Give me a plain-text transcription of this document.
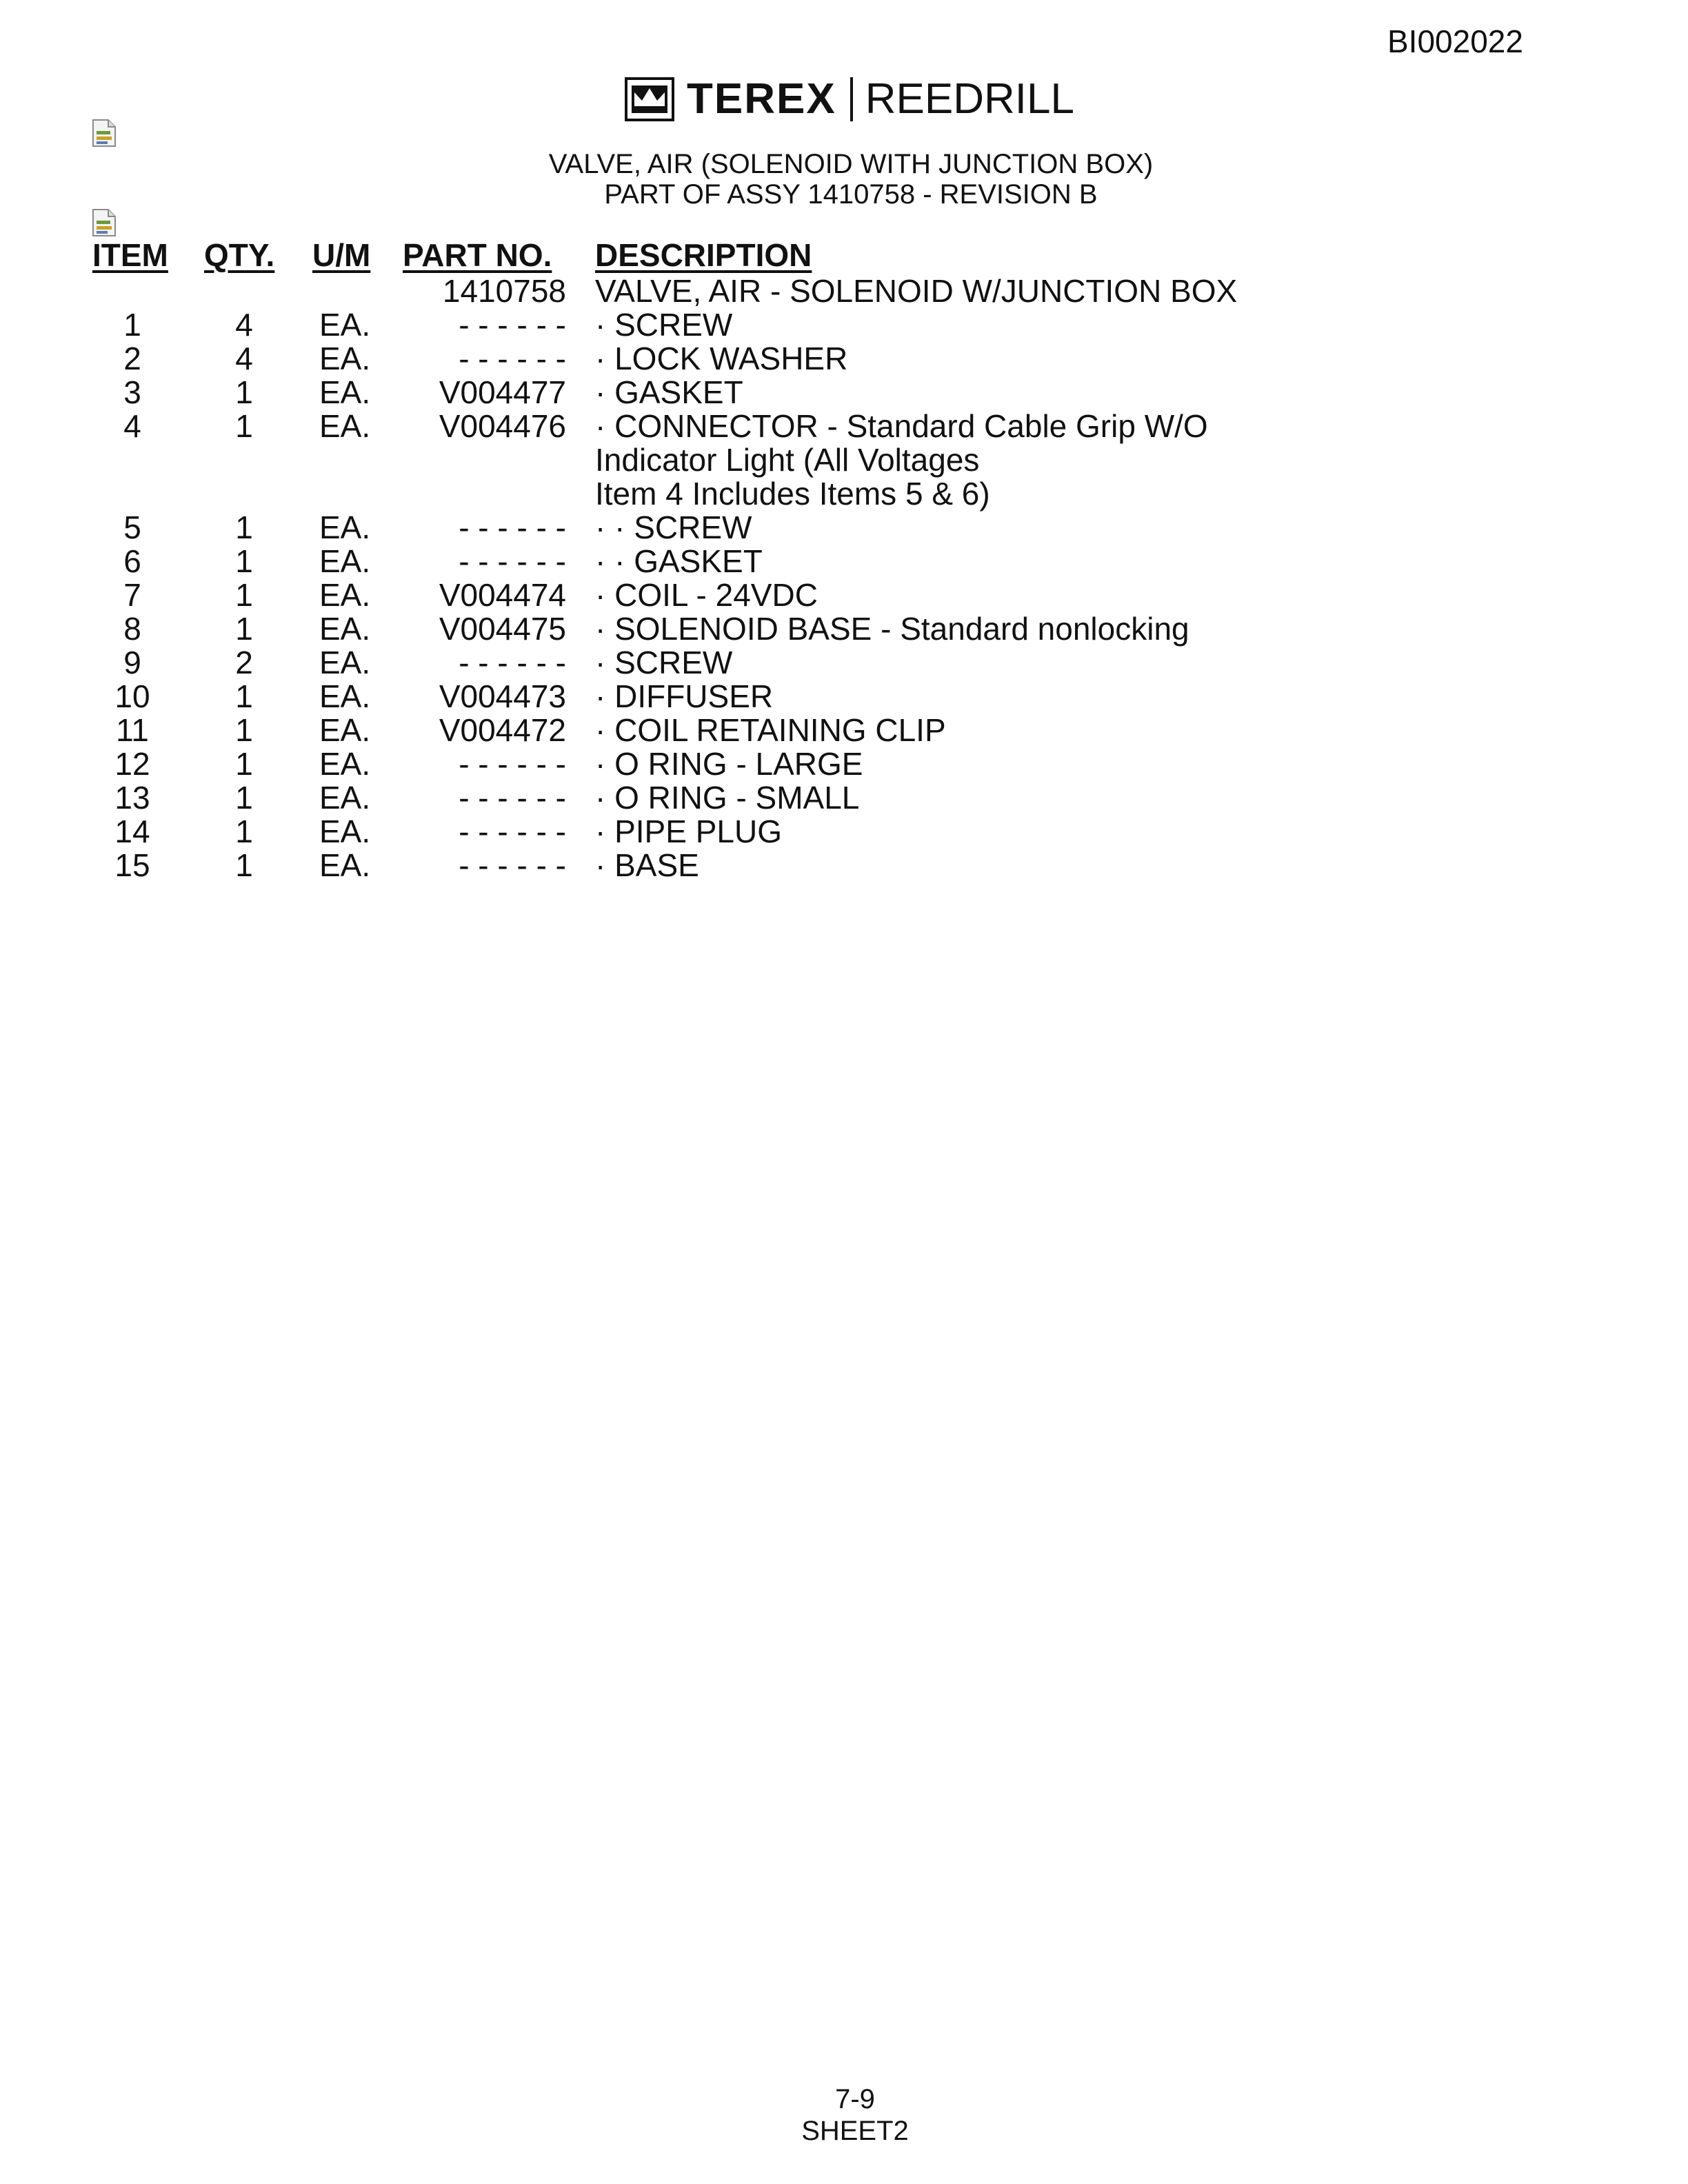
BI002022
TEREX REEDRILL
VALVE, AIR (SOLENOID WITH JUNCTION BOX)
PART OF ASSY 1410758 - REVISION B
ITEM QTY. U/M PART NO. DESCRIPTION
1410758 VALVE, AIR - SOLENOID W/JUNCTION BOX
1	4	EA.	- - - - - - · SCREW
2	4	EA.	- - - - - - · LOCK WASHER
3	1	EA. V004477 · GASKET
4	1	EA. V004476 · CONNECTOR - Standard Cable Grip W/O
Indicator Light (All Voltages
Item 4 Includes Items 5 & 6)
5	1	EA.	- - - - - - · · SCREW
6	1	EA.	- - - - - - · · GASKET
7	1	EA. V004474 · COIL - 24VDC
8	1	EA. V004475 · SOLENOID BASE - Standard nonlocking
9	2	EA.	- - - - - - · SCREW
10	1	EA. V004473 · DIFFUSER
11	1	EA. V004472 · COIL RETAINING CLIP
12	1	EA.	- - - - - - · O RING - LARGE
13	1	EA.	- - - - - - · O RING - SMALL
14	1	EA.	- - - - - - · PIPE PLUG
15	1	EA.	- - - - - - · BASE
7-9
SHEET2
